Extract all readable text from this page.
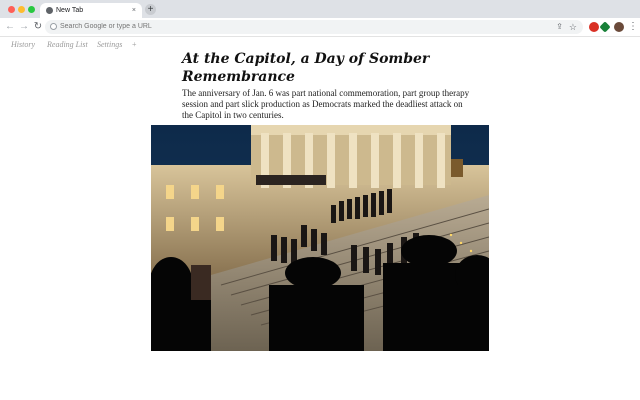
New Tab	× +
← → ↻
Search Google or type a URL	⇪ ☆	⋮
History Reading List Settings +
At the Capitol, a Day of Somber Remembrance

The anniversary of Jan. 6 was part national commemoration, part group therapy session and part slick production as Democrats marked the deadliest attack on the Capitol in two centuries.
